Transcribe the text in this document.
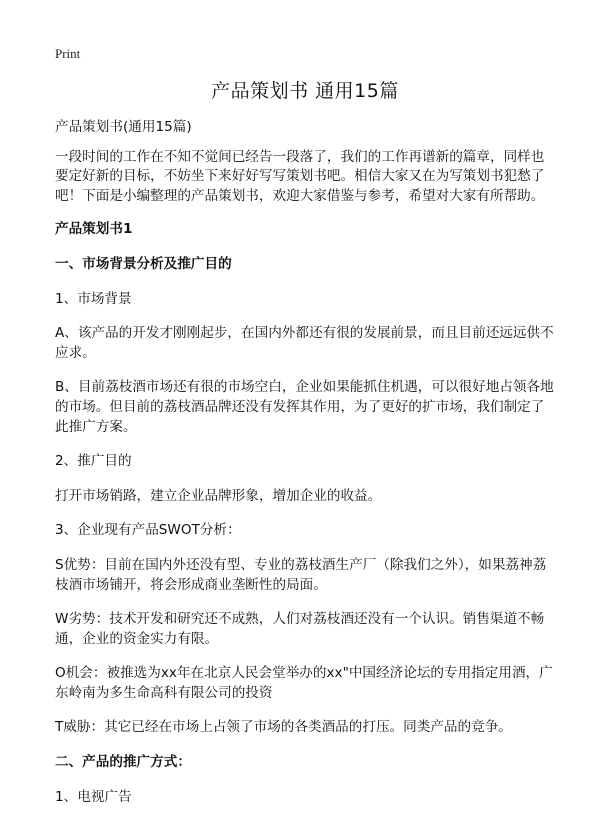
Print
产品策划书 通用15篇

产品策划书(通用15篇)

一段时间的工作在不知不觉间已经告一段落了，我们的工作再谱新的篇章，同样也要定好新的目标，不妨坐下来好好写写策划书吧。相信大家又在为写策划书犯愁了吧！下面是小编整理的产品策划书，欢迎大家借鉴与参考，希望对大家有所帮助。

产品策划书1
一、市场背景分析及推广目的

1、市场背景

A、该产品的开发才刚刚起步，在国内外都还有很的发展前景，而且目前还远远供不应求。

B、目前荔枝酒市场还有很的市场空白，企业如果能抓住机遇，可以很好地占领各地的市场。但目前的荔枝酒品牌还没有发挥其作用，为了更好的扩市场，我们制定了此推广方案。

2、推广目的

打开市场销路，建立企业品牌形象，增加企业的收益。

3、企业现有产品SWOT分析：

S优势：目前在国内外还没有型、专业的荔枝酒生产厂（除我们之外），如果荔神荔枝酒市场铺开，将会形成商业垄断性的局面。

W劣势：技术开发和研究还不成熟，人们对荔枝酒还没有一个认识。销售渠道不畅通，企业的资金实力有限。

O机会：被推选为xx年在北京人民会堂举办的xx"中国经济论坛的专用指定用酒，广东岭南为多生命高科有限公司的投资

T威胁：其它已经在市场上占领了市场的各类酒品的打压。同类产品的竞争。

二、产品的推广方式：

1、电视广告
